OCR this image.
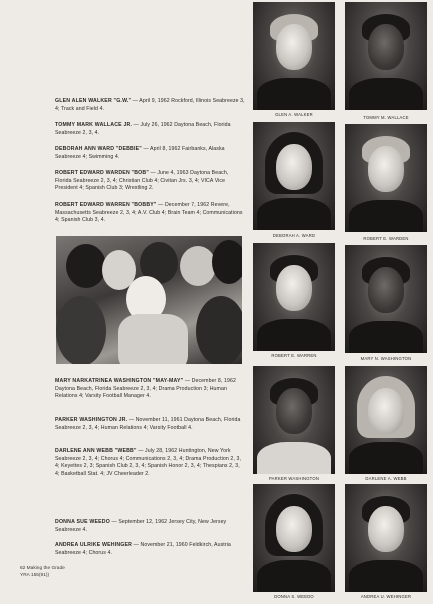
GLEN ALEN WALKER "G.W." — April 9, 1962 Rockford, Illinois Seabreeze 3, 4; Track and Field 4.
TOMMY MARK WALLACE JR. — July 26, 1962 Daytona Beach, Florida Seabreeze 2, 3, 4.
DEBORAH ANN WARD "DEBBIE" — April 8, 1962 Fairbanks, Alaska Seabreeze 4; Swimming 4.
ROBERT EDWARD WARDEN "BOB" — June 4, 1963 Daytona Beach, Florida Seabreeze 2, 3, 4; Christian Club 4; Civitan Jrs. 3, 4; VICA Vice President 4; Spanish Club 3; Wrestling 2.
ROBERT EDWARD WARREN "BOBBY" — December 7, 1962 Revere, Massachusetts Seabreeze 2, 3, 4; A.V. Club 4; Brain Team 4; Communications 4; Spanish Club 3, 4.
MARY NARKATRINEA WASHINGTON "MAY-MAY" — December 8, 1962 Daytona Beach, Florida Seabreeze 2, 3, 4; Drama Production 3; Human Relations 4; Varsity Football Manager 4.
PARKER WASHINGTON JR. — November 11, 1961 Daytona Beach, Florida Seabreeze 2, 3, 4; Human Relations 4; Varsity Football 4.
DARLENE ANN WEBB "WEBB" — July 28, 1962 Huntington, New York Seabreeze 2, 3, 4; Chorus 4; Communications 2, 3, 4; Drama Production 2, 3, 4; Keyettes 2, 3; Spanish Club 2, 3, 4; Spanish Honor 2, 3, 4; Thespians 2, 3, 4; Basketball Stat. 4; JV Cheerleader 2.
DONNA SUE WEEDO — September 12, 1962 Jersey City, New Jersey Seabreeze 4.
ANDREA ULRIKE WEHINGER — November 21, 1960 Feldkirch, Austria Seabreeze 4; Chorus 4.
GLEN A. WALKER
TOMMY M. WALLACE
DEBORAH A. WARD
ROBERT E. WARDEN
ROBERT E. WARREN
MARY N. WASHINGTON
PARKER WASHINGTON	DARLENE A. WEBB
DONNA S. WEEDO	ANDREA U. WEHINGER
62 Making the Grade
YRA 155(91))
